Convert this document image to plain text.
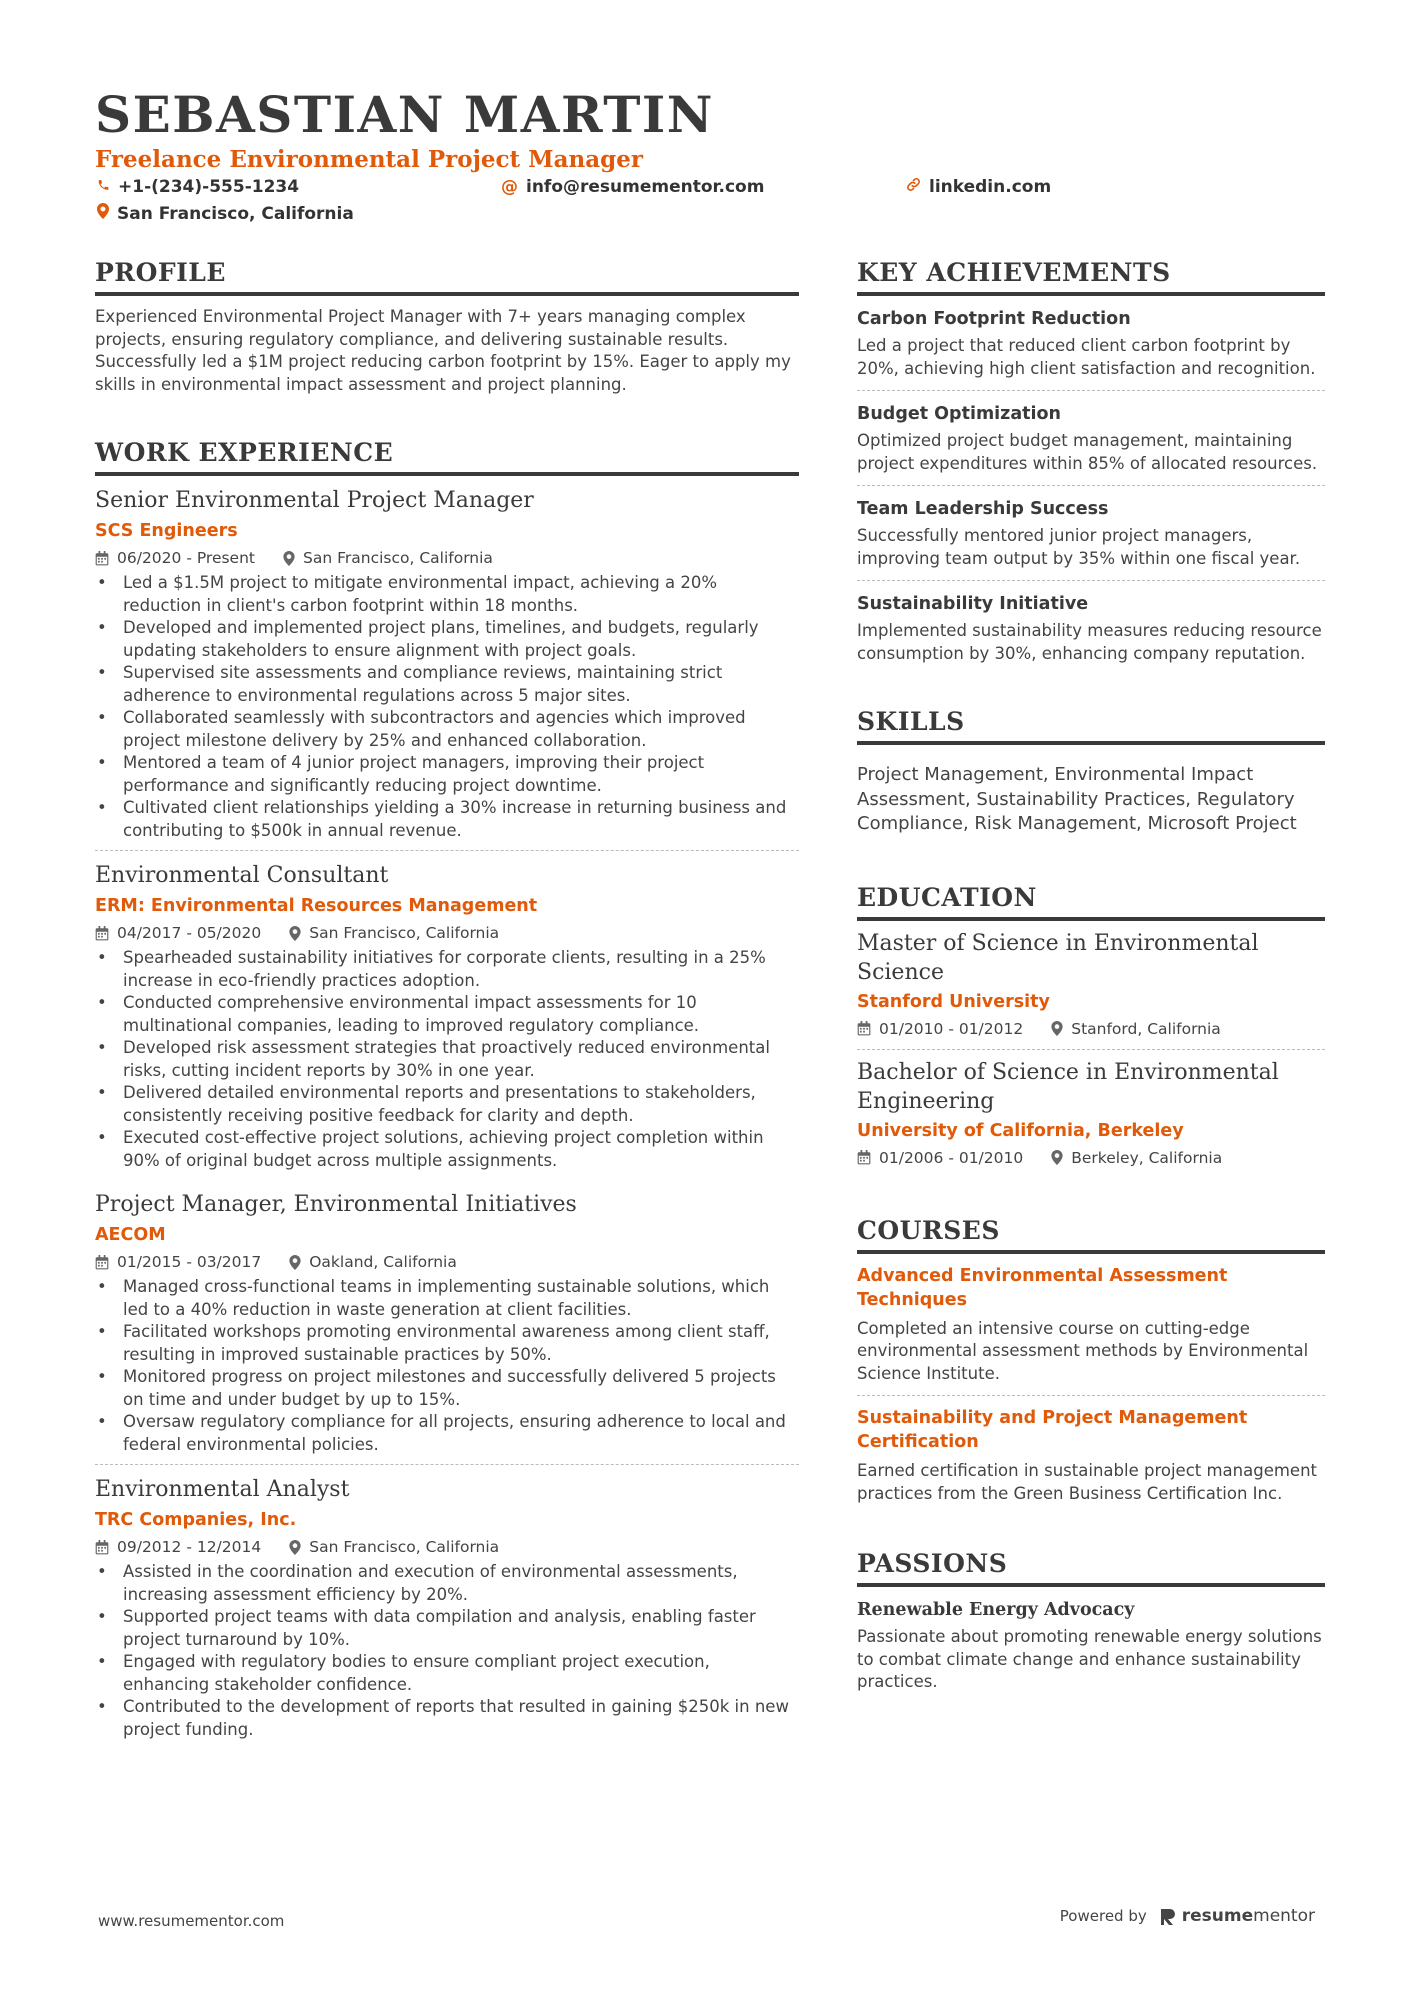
SEBASTIAN MARTIN
Freelance Environmental Project Manager
+1-(234)-555-1234	@ info@resumementor.com	linkedin.com
San Francisco, California
PROFILE
Experienced Environmental Project Manager with 7+ years managing complex projects, ensuring regulatory compliance, and delivering sustainable results. Successfully led a $1M project reducing carbon footprint by 15%. Eager to apply my skills in environmental impact assessment and project planning.
WORK EXPERIENCE
Senior Environmental Project Manager
SCS Engineers
06/2020 - Present	San Francisco, California
• Led a $1.5M project to mitigate environmental impact, achieving a 20% reduction in client's carbon footprint within 18 months.
• Developed and implemented project plans, timelines, and budgets, regularly updating stakeholders to ensure alignment with project goals.
• Supervised site assessments and compliance reviews, maintaining strict adherence to environmental regulations across 5 major sites.
• Collaborated seamlessly with subcontractors and agencies which improved project milestone delivery by 25% and enhanced collaboration.
• Mentored a team of 4 junior project managers, improving their project performance and significantly reducing project downtime.
• Cultivated client relationships yielding a 30% increase in returning business and contributing to $500k in annual revenue.
Environmental Consultant
ERM: Environmental Resources Management
04/2017 - 05/2020	San Francisco, California
• Spearheaded sustainability initiatives for corporate clients, resulting in a 25% increase in eco-friendly practices adoption.
• Conducted comprehensive environmental impact assessments for 10 multinational companies, leading to improved regulatory compliance.
• Developed risk assessment strategies that proactively reduced environmental risks, cutting incident reports by 30% in one year.
• Delivered detailed environmental reports and presentations to stakeholders, consistently receiving positive feedback for clarity and depth.
• Executed cost-effective project solutions, achieving project completion within 90% of original budget across multiple assignments.
Project Manager, Environmental Initiatives
AECOM
01/2015 - 03/2017	Oakland, California
• Managed cross-functional teams in implementing sustainable solutions, which led to a 40% reduction in waste generation at client facilities.
• Facilitated workshops promoting environmental awareness among client staff, resulting in improved sustainable practices by 50%.
• Monitored progress on project milestones and successfully delivered 5 projects on time and under budget by up to 15%.
• Oversaw regulatory compliance for all projects, ensuring adherence to local and federal environmental policies.
Environmental Analyst
TRC Companies, Inc.
09/2012 - 12/2014	San Francisco, California
• Assisted in the coordination and execution of environmental assessments, increasing assessment efficiency by 20%.
• Supported project teams with data compilation and analysis, enabling faster project turnaround by 10%.
• Engaged with regulatory bodies to ensure compliant project execution, enhancing stakeholder confidence.
• Contributed to the development of reports that resulted in gaining $250k in new project funding.
KEY ACHIEVEMENTS
Carbon Footprint Reduction
Led a project that reduced client carbon footprint by 20%, achieving high client satisfaction and recognition.
Budget Optimization
Optimized project budget management, maintaining project expenditures within 85% of allocated resources.
Team Leadership Success
Successfully mentored junior project managers, improving team output by 35% within one fiscal year.
Sustainability Initiative
Implemented sustainability measures reducing resource consumption by 30%, enhancing company reputation.
SKILLS
Project Management, Environmental Impact Assessment, Sustainability Practices, Regulatory Compliance, Risk Management, Microsoft Project
EDUCATION
Master of Science in Environmental Science
Stanford University
01/2010 - 01/2012	Stanford, California
Bachelor of Science in Environmental Engineering
University of California, Berkeley
01/2006 - 01/2010	Berkeley, California
COURSES
Advanced Environmental Assessment Techniques
Completed an intensive course on cutting-edge environmental assessment methods by Environmental Science Institute.
Sustainability and Project Management Certification
Earned certification in sustainable project management practices from the Green Business Certification Inc.
PASSIONS
Renewable Energy Advocacy
Passionate about promoting renewable energy solutions to combat climate change and enhance sustainability practices.
www.resumementor.com	Powered by resumementor
